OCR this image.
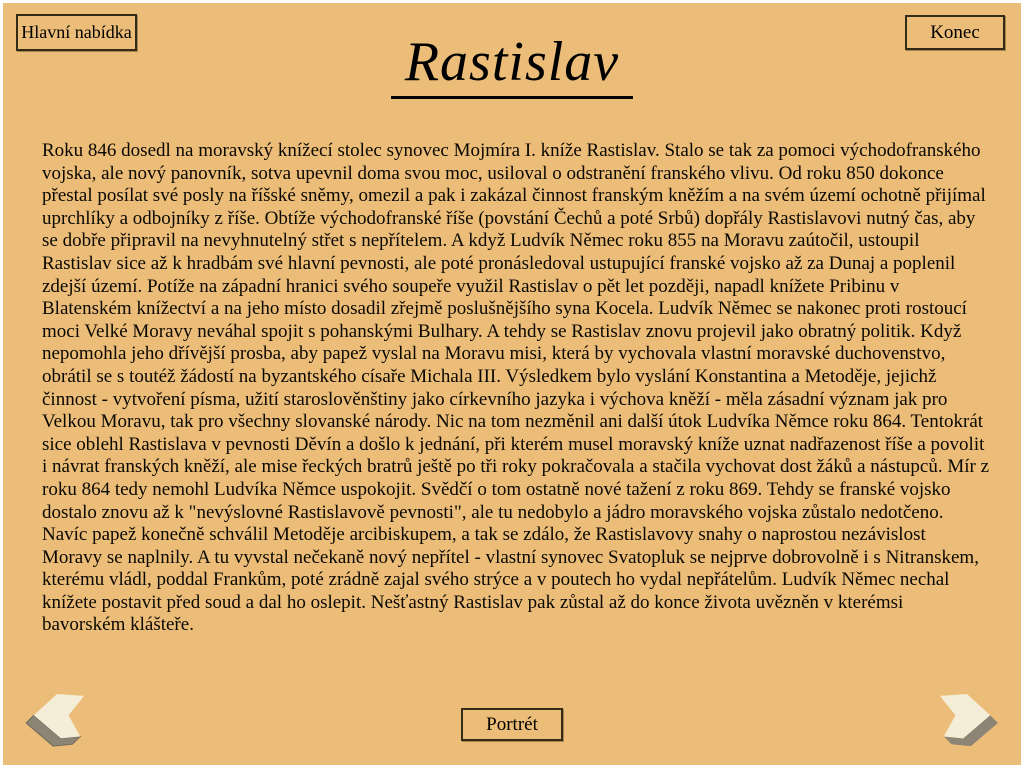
Hlavní nabídka	Konec
Rastislav
Roku 846 dosedl na moravský knížecí stolec synovec Mojmíra I. kníže Rastislav. Stalo se tak za pomoci východofranského vojska, ale nový panovník, sotva upevnil doma svou moc, usiloval o odstranění franského vlivu. Od roku 850 dokonce přestal posílat své posly na říšské sněmy, omezil a pak i zakázal činnost franským kněžím a na svém území ochotně přijímal uprchlíky a odbojníky z říše. Obtíže východofranské říše (povstání Čechů a poté Srbů) dopřály Rastislavovi nutný čas, aby se dobře připravil na nevyhnutelný střet s nepřítelem. A když Ludvík Němec roku 855 na Moravu zaútočil, ustoupil Rastislav sice až k hradbám své hlavní pevnosti, ale poté pronásledoval ustupující franské vojsko až za Dunaj a poplenil zdejší území. Potíže na západní hranici svého soupeře využil Rastislav o pět let později, napadl knížete Pribinu v Blatenském knížectví a na jeho místo dosadil zřejmě poslušnějšího syna Kocela. Ludvík Němec se nakonec proti rostoucí moci Velké Moravy neváhal spojit s pohanskými Bulhary. A tehdy se Rastislav znovu projevil jako obratný politik. Když nepomohla jeho dřívější prosba, aby papež vyslal na Moravu misi, která by vychovala vlastní moravské duchovenstvo, obrátil se s toutéž žádostí na byzantského císaře Michala III. Výsledkem bylo vyslání Konstantina a Metoděje, jejichž činnost - vytvoření písma, užití staroslověnštiny jako církevního jazyka i výchova kněží - měla zásadní význam jak pro Velkou Moravu, tak pro všechny slovanské národy. Nic na tom nezměnil ani další útok Ludvíka Němce roku 864. Tentokrát sice oblehl Rastislava v pevnosti Děvín a došlo k jednání, při kterém musel moravský kníže uznat nadřazenost říše a povolit i návrat franských kněží, ale mise řeckých bratrů ještě po tři roky pokračovala a stačila vychovat dost žáků a nástupců. Mír z roku 864 tedy nemohl Ludvíka Němce uspokojit. Svědčí o tom ostatně nové tažení z roku 869. Tehdy se franské vojsko dostalo znovu až k "nevýslovné Rastislavově pevnosti", ale tu nedobylo a jádro moravského vojska zůstalo nedotčeno. Navíc papež konečně schválil Metoděje arcibiskupem, a tak se zdálo, že Rastislavovy snahy o naprostou nezávislost Moravy se naplnily. A tu vyvstal nečekaně nový nepřítel - vlastní synovec Svatopluk se nejprve dobrovolně i s Nitranskem, kterému vládl, poddal Frankům, poté zrádně zajal svého strýce a v poutech ho vydal nepřátelům. Ludvík Němec nechal knížete postavit před soud a dal ho oslepit. Nešťastný Rastislav pak zůstal až do konce života uvězněn v kterémsi bavorském klášteře.
Portrét
